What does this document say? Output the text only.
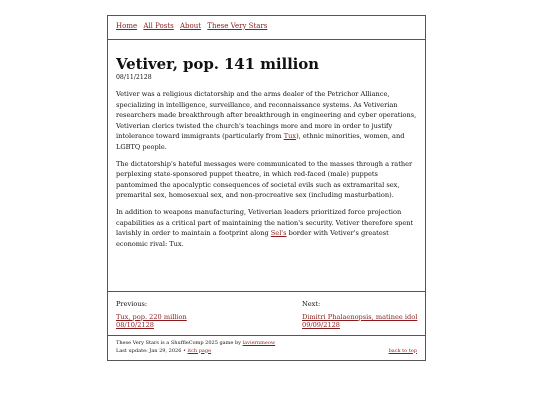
Home All Posts About These Very Stars
Vetiver, pop. 141 million
08/11/2128

Vetiver was a religious dictatorship and the arms dealer of the Petrichor Alliance, specializing in intelligence, surveillance, and reconnaissance systems. As Vetiverian researchers made breakthrough after breakthrough in engineering and cyber operations, Vetiverian clerics twisted the church's teachings more and more in order to justify intolerance toward immigrants (particularly from Tux), ethnic minorities, women, and LGBTQ people.

The dictatorship's hateful messages were communicated to the masses through a rather perplexing state-sponsored puppet theatre, in which red-faced (male) puppets pantomimed the apocalyptic consequences of societal evils such as extramarital sex, premarital sex, homosexual sex, and non-procreative sex (including masturbation).

In addition to weapons manufacturing, Vetiverian leaders prioritized force projection capabilities as a critical part of maintaining the nation's security. Vetiver therefore spent lavishly in order to maintain a footprint along Sel's border with Vetiver's greatest economic rival: Tux.

Previous:
Tux, pop. 220 million
08/10/2128
Next:
Dimitri Phalaenopsis, matinee idol
09/09/2128
These Very Stars is a ShuffleComp 2025 game by laviernmeow
Last update: Jan 29, 2026 • itch page	back to top
